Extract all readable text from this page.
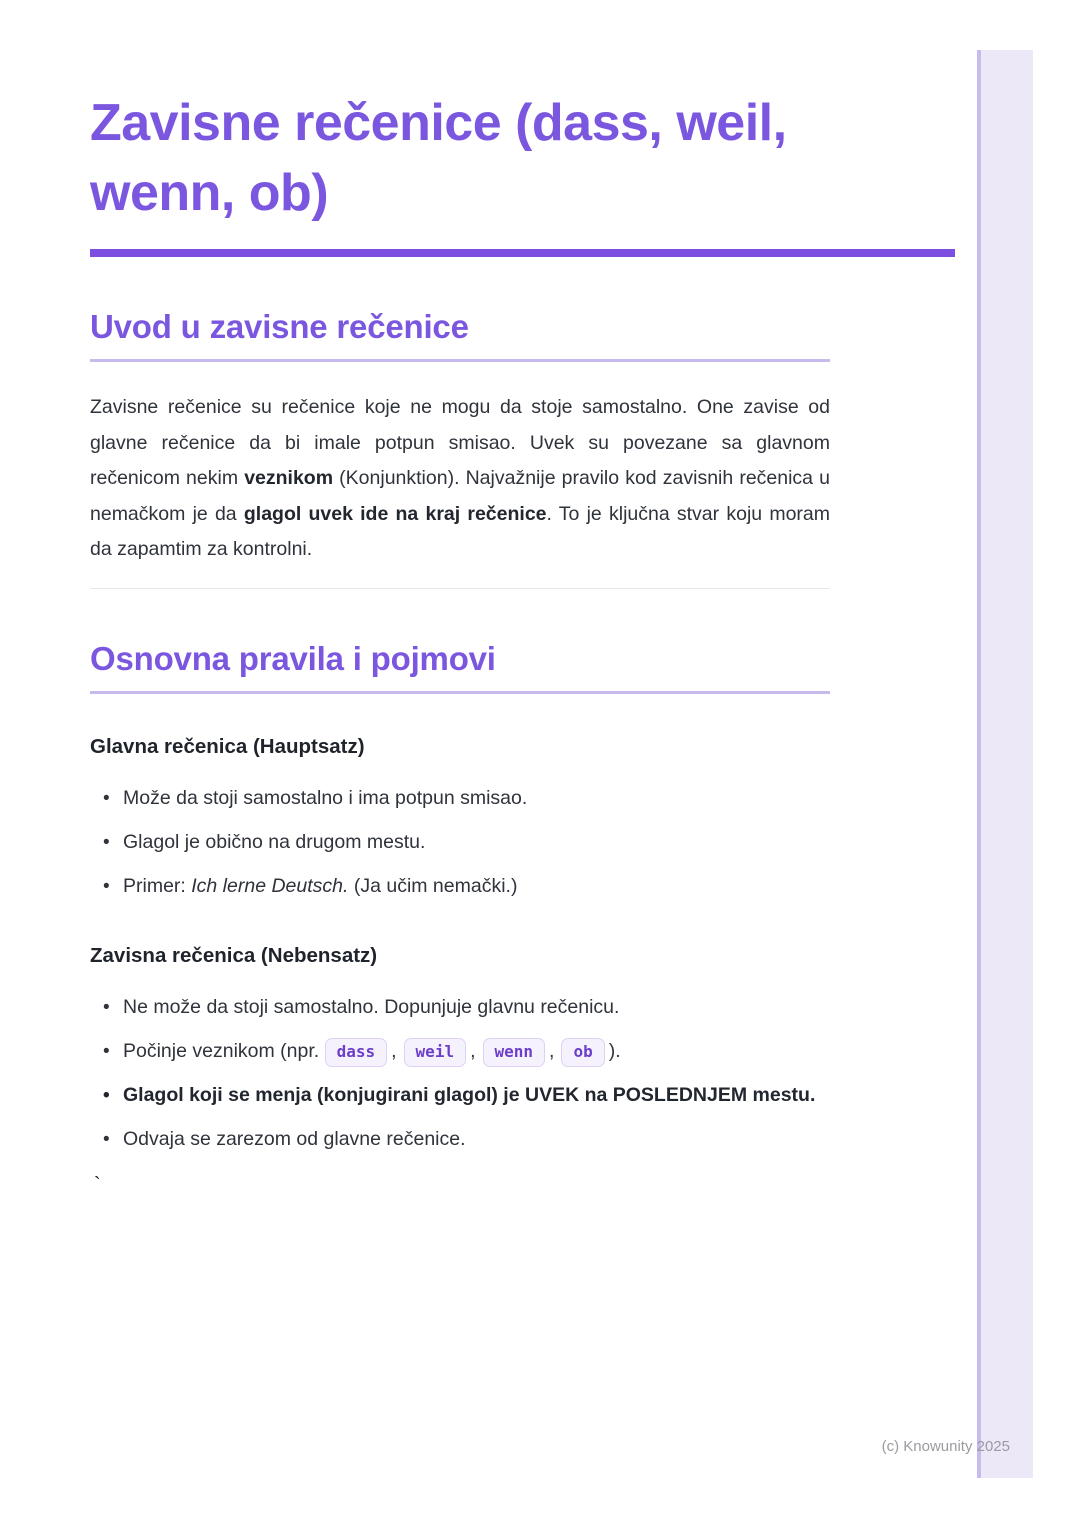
Zavisne rečenice (dass, weil,
wenn, ob)
Uvod u zavisne rečenice

Zavisne rečenice su rečenice koje ne mogu da stoje samostalno. One zavise od glavne rečenice da bi imale potpun smisao. Uvek su povezane sa glavnom rečenicom nekim veznikom (Konjunktion). Najvažnije pravilo kod zavisnih rečenica u nemačkom je da glagol uvek ide na kraj rečenice. To je ključna stvar koju moram da zapamtim za kontrolni.

Osnovna pravila i pojmovi
Glavna rečenica (Hauptsatz)
• Može da stoji samostalno i ima potpun smisao.
• Glagol je obično na drugom mestu.
• Primer: Ich lerne Deutsch. (Ja učim nemački.)
Zavisna rečenica (Nebensatz)
• Ne može da stoji samostalno. Dopunjuje glavnu rečenicu.
• Počinje veznikom (npr. dass , weil , wenn , ob ).
• Glagol koji se menja (konjugirani glagol) je UVEK na POSLEDNJEM mestu.
• Odvaja se zarezom od glavne rečenice.
`
(c) Knowunity 2025
